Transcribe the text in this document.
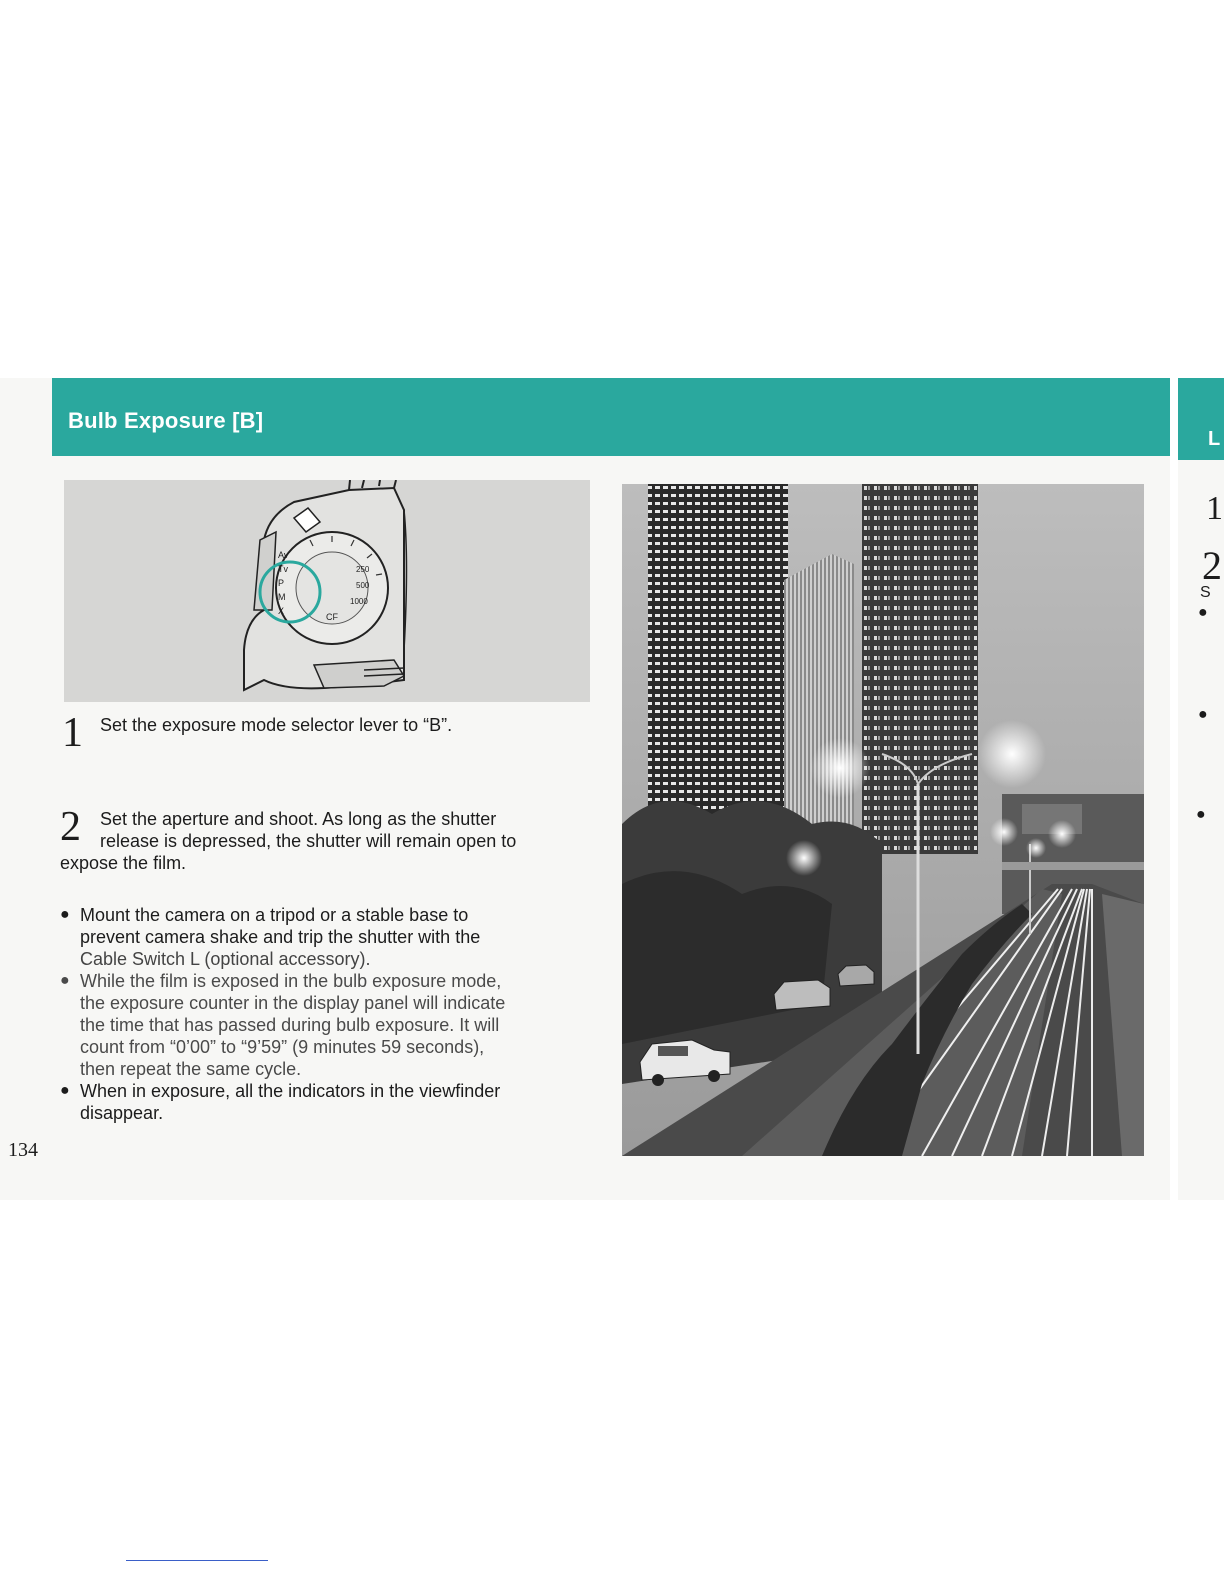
Bulb Exposure [B]
L
1
2
S
●
●
●
Av
Tv
P
M
X
250
500
1000
CF
1 Set the exposure mode selector lever to “B”.
2 Set the aperture and shoot. As long as the shutter
release is depressed, the shutter will remain open to
expose the film.
● Mount the camera on a tripod or a stable base to
prevent camera shake and trip the shutter with the
Cable Switch L (optional accessory).
● While the film is exposed in the bulb exposure mode,
the exposure counter in the display panel will indicate
the time that has passed during bulb exposure. It will
count from “0’00” to “9’59” (9 minutes 59 seconds),
then repeat the same cycle.
● When in exposure, all the indicators in the viewfinder
disappear.
134
